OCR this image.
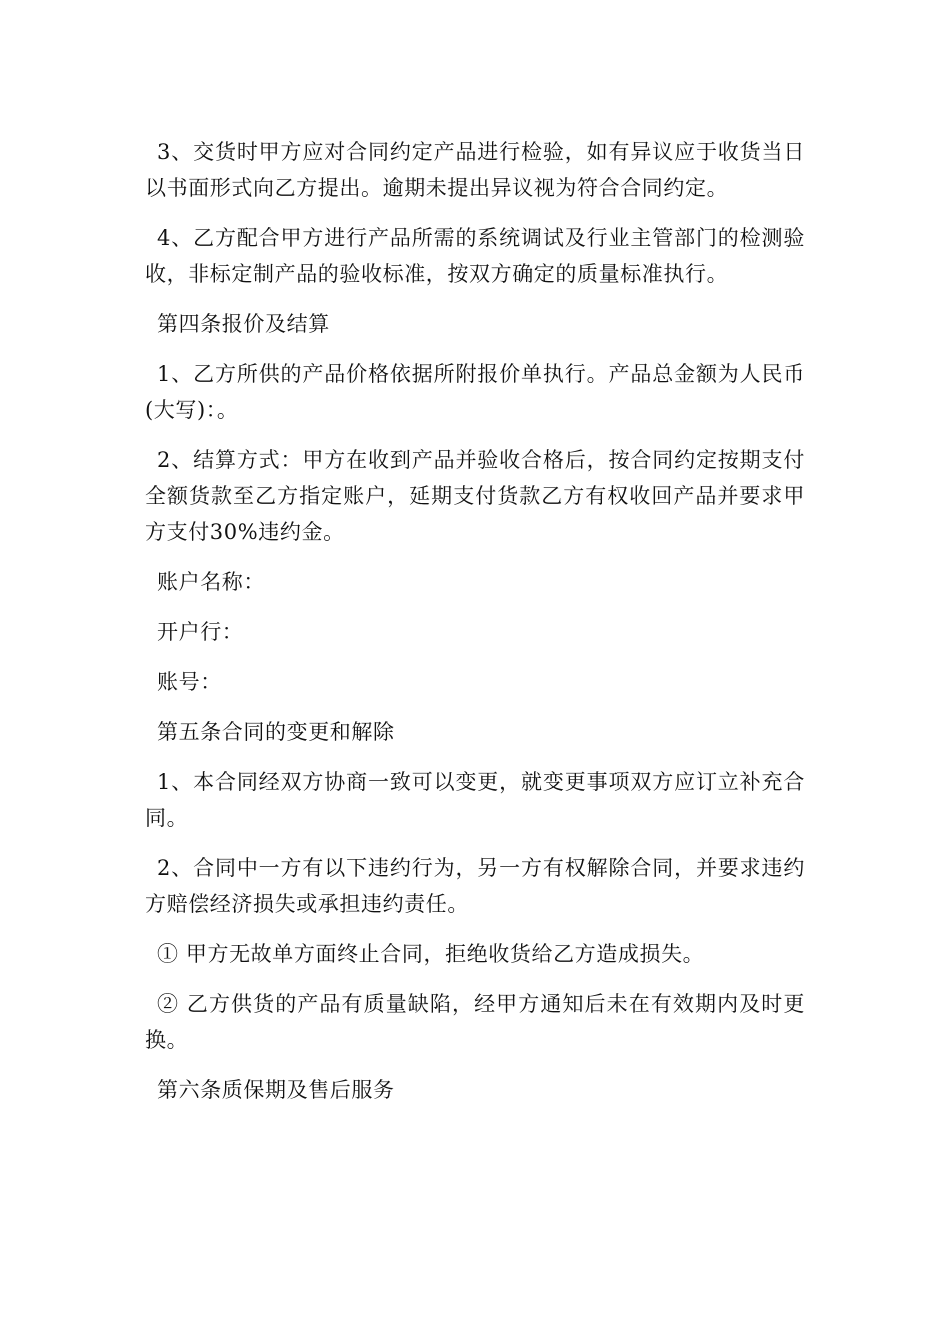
3、交货时甲方应对合同约定产品进行检验，如有异议应于收货当日以书面形式向乙方提出。逾期未提出异议视为符合合同约定。

4、乙方配合甲方进行产品所需的系统调试及行业主管部门的检测验收，非标定制产品的验收标准，按双方确定的质量标准执行。

第四条报价及结算

1、乙方所供的产品价格依据所附报价单执行。产品总金额为人民币(大写)：。

2、结算方式：甲方在收到产品并验收合格后，按合同约定按期支付全额货款至乙方指定账户，延期支付货款乙方有权收回产品并要求甲方支付30%违约金。

账户名称：

开户行：

账号：

第五条合同的变更和解除

1、本合同经双方协商一致可以变更，就变更事项双方应订立补充合同。

2、合同中一方有以下违约行为，另一方有权解除合同，并要求违约方赔偿经济损失或承担违约责任。

① 甲方无故单方面终止合同，拒绝收货给乙方造成损失。

② 乙方供货的产品有质量缺陷，经甲方通知后未在有效期内及时更换。

第六条质保期及售后服务
